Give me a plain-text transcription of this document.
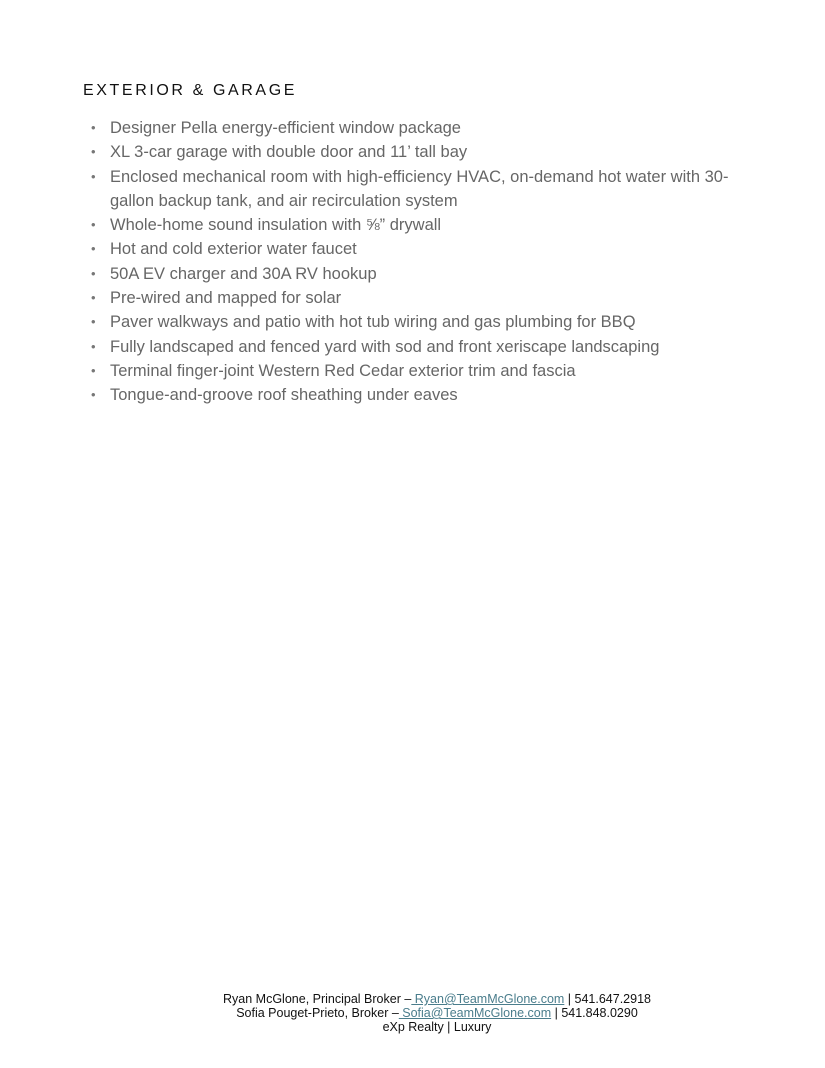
EXTERIOR & GARAGE
• Designer Pella energy-efficient window package
• XL 3-car garage with double door and 11’ tall bay
• Enclosed mechanical room with high-efficiency HVAC, on-demand hot water with 30-gallon backup tank, and air recirculation system
• Whole-home sound insulation with ⅝” drywall
• Hot and cold exterior water faucet
• 50A EV charger and 30A RV hookup
• Pre-wired and mapped for solar
• Paver walkways and patio with hot tub wiring and gas plumbing for BBQ
• Fully landscaped and fenced yard with sod and front xeriscape landscaping
• Terminal finger-joint Western Red Cedar exterior trim and fascia
• Tongue-and-groove roof sheathing under eaves
Ryan McGlone, Principal Broker – Ryan@TeamMcGlone.com | 541.647.2918
Sofia Pouget-Prieto, Broker – Sofia@TeamMcGlone.com | 541.848.0290
eXp Realty | Luxury
